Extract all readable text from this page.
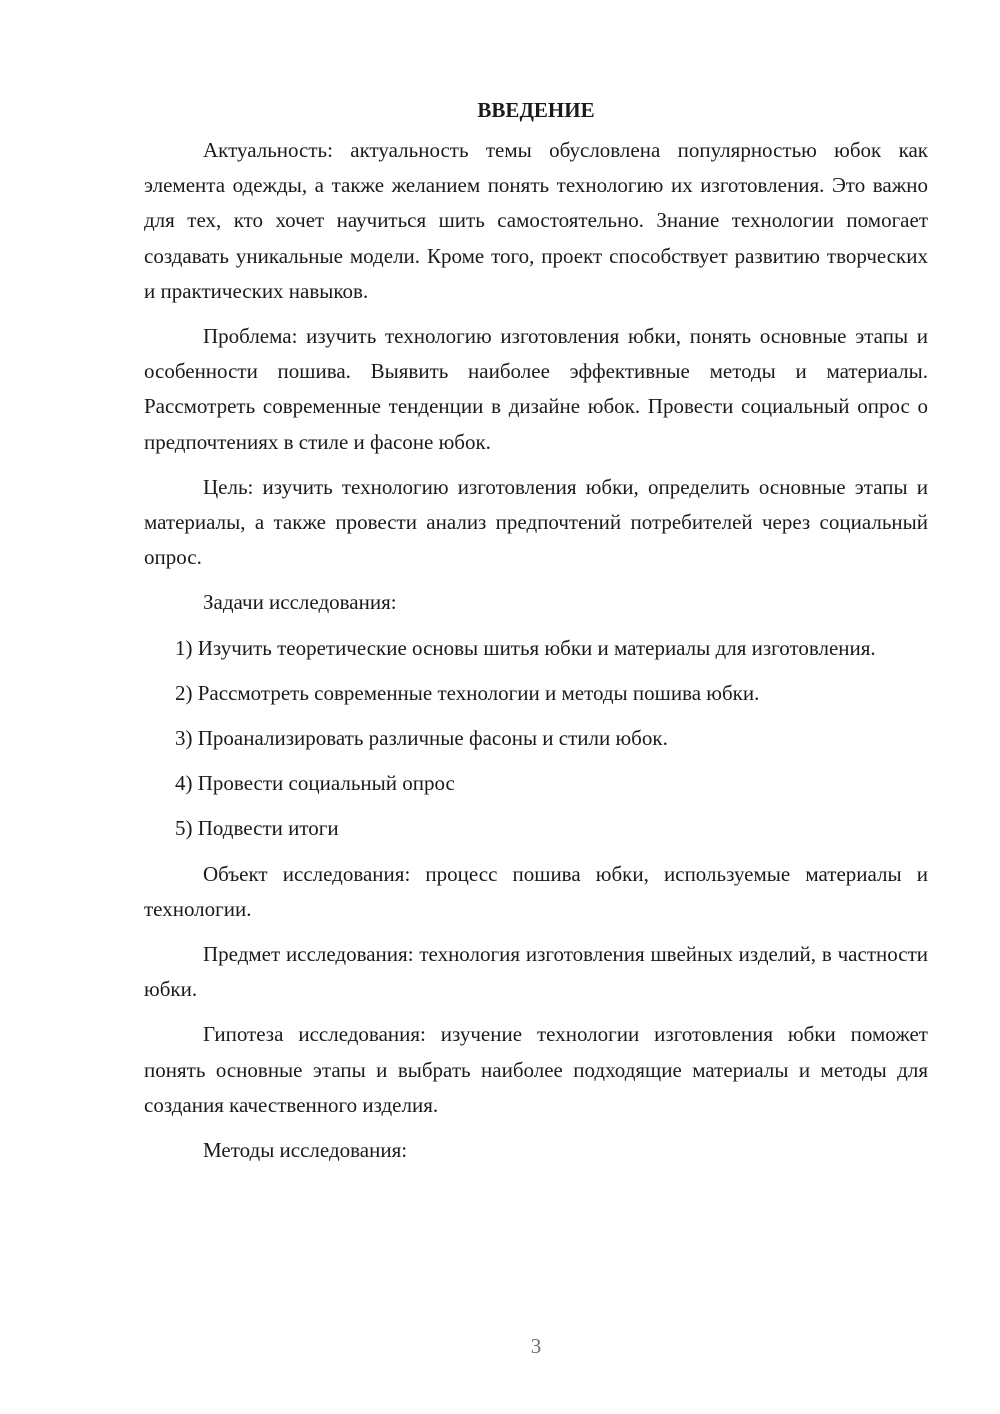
ВВЕДЕНИЕ

Актуальность: актуальность темы обусловлена популярностью юбок как элемента одежды, а также желанием понять технологию их изготовления. Это важно для тех, кто хочет научиться шить самостоятельно. Знание технологии помогает создавать уникальные модели. Кроме того, проект способствует развитию творческих и практических навыков.

Проблема: изучить технологию изготовления юбки, понять основные этапы и особенности пошива. Выявить наиболее эффективные методы и материалы. Рассмотреть современные тенденции в дизайне юбок. Провести социальный опрос о предпочтениях в стиле и фасоне юбок.

Цель: изучить технологию изготовления юбки, определить основные этапы и материалы, а также провести анализ предпочтений потребителей через социальный опрос.

Задачи исследования:

1) Изучить теоретические основы шитья юбки и материалы для изготовления.

2) Рассмотреть современные технологии и методы пошива юбки.

3) Проанализировать различные фасоны и стили юбок.

4) Провести социальный опрос

5) Подвести итоги

Объект исследования: процесс пошива юбки, используемые материалы и технологии.

Предмет исследования: технология изготовления швейных изделий, в частности юбки.

Гипотеза исследования: изучение технологии изготовления юбки поможет понять основные этапы и выбрать наиболее подходящие материалы и методы для создания качественного изделия.

Методы исследования:

3
